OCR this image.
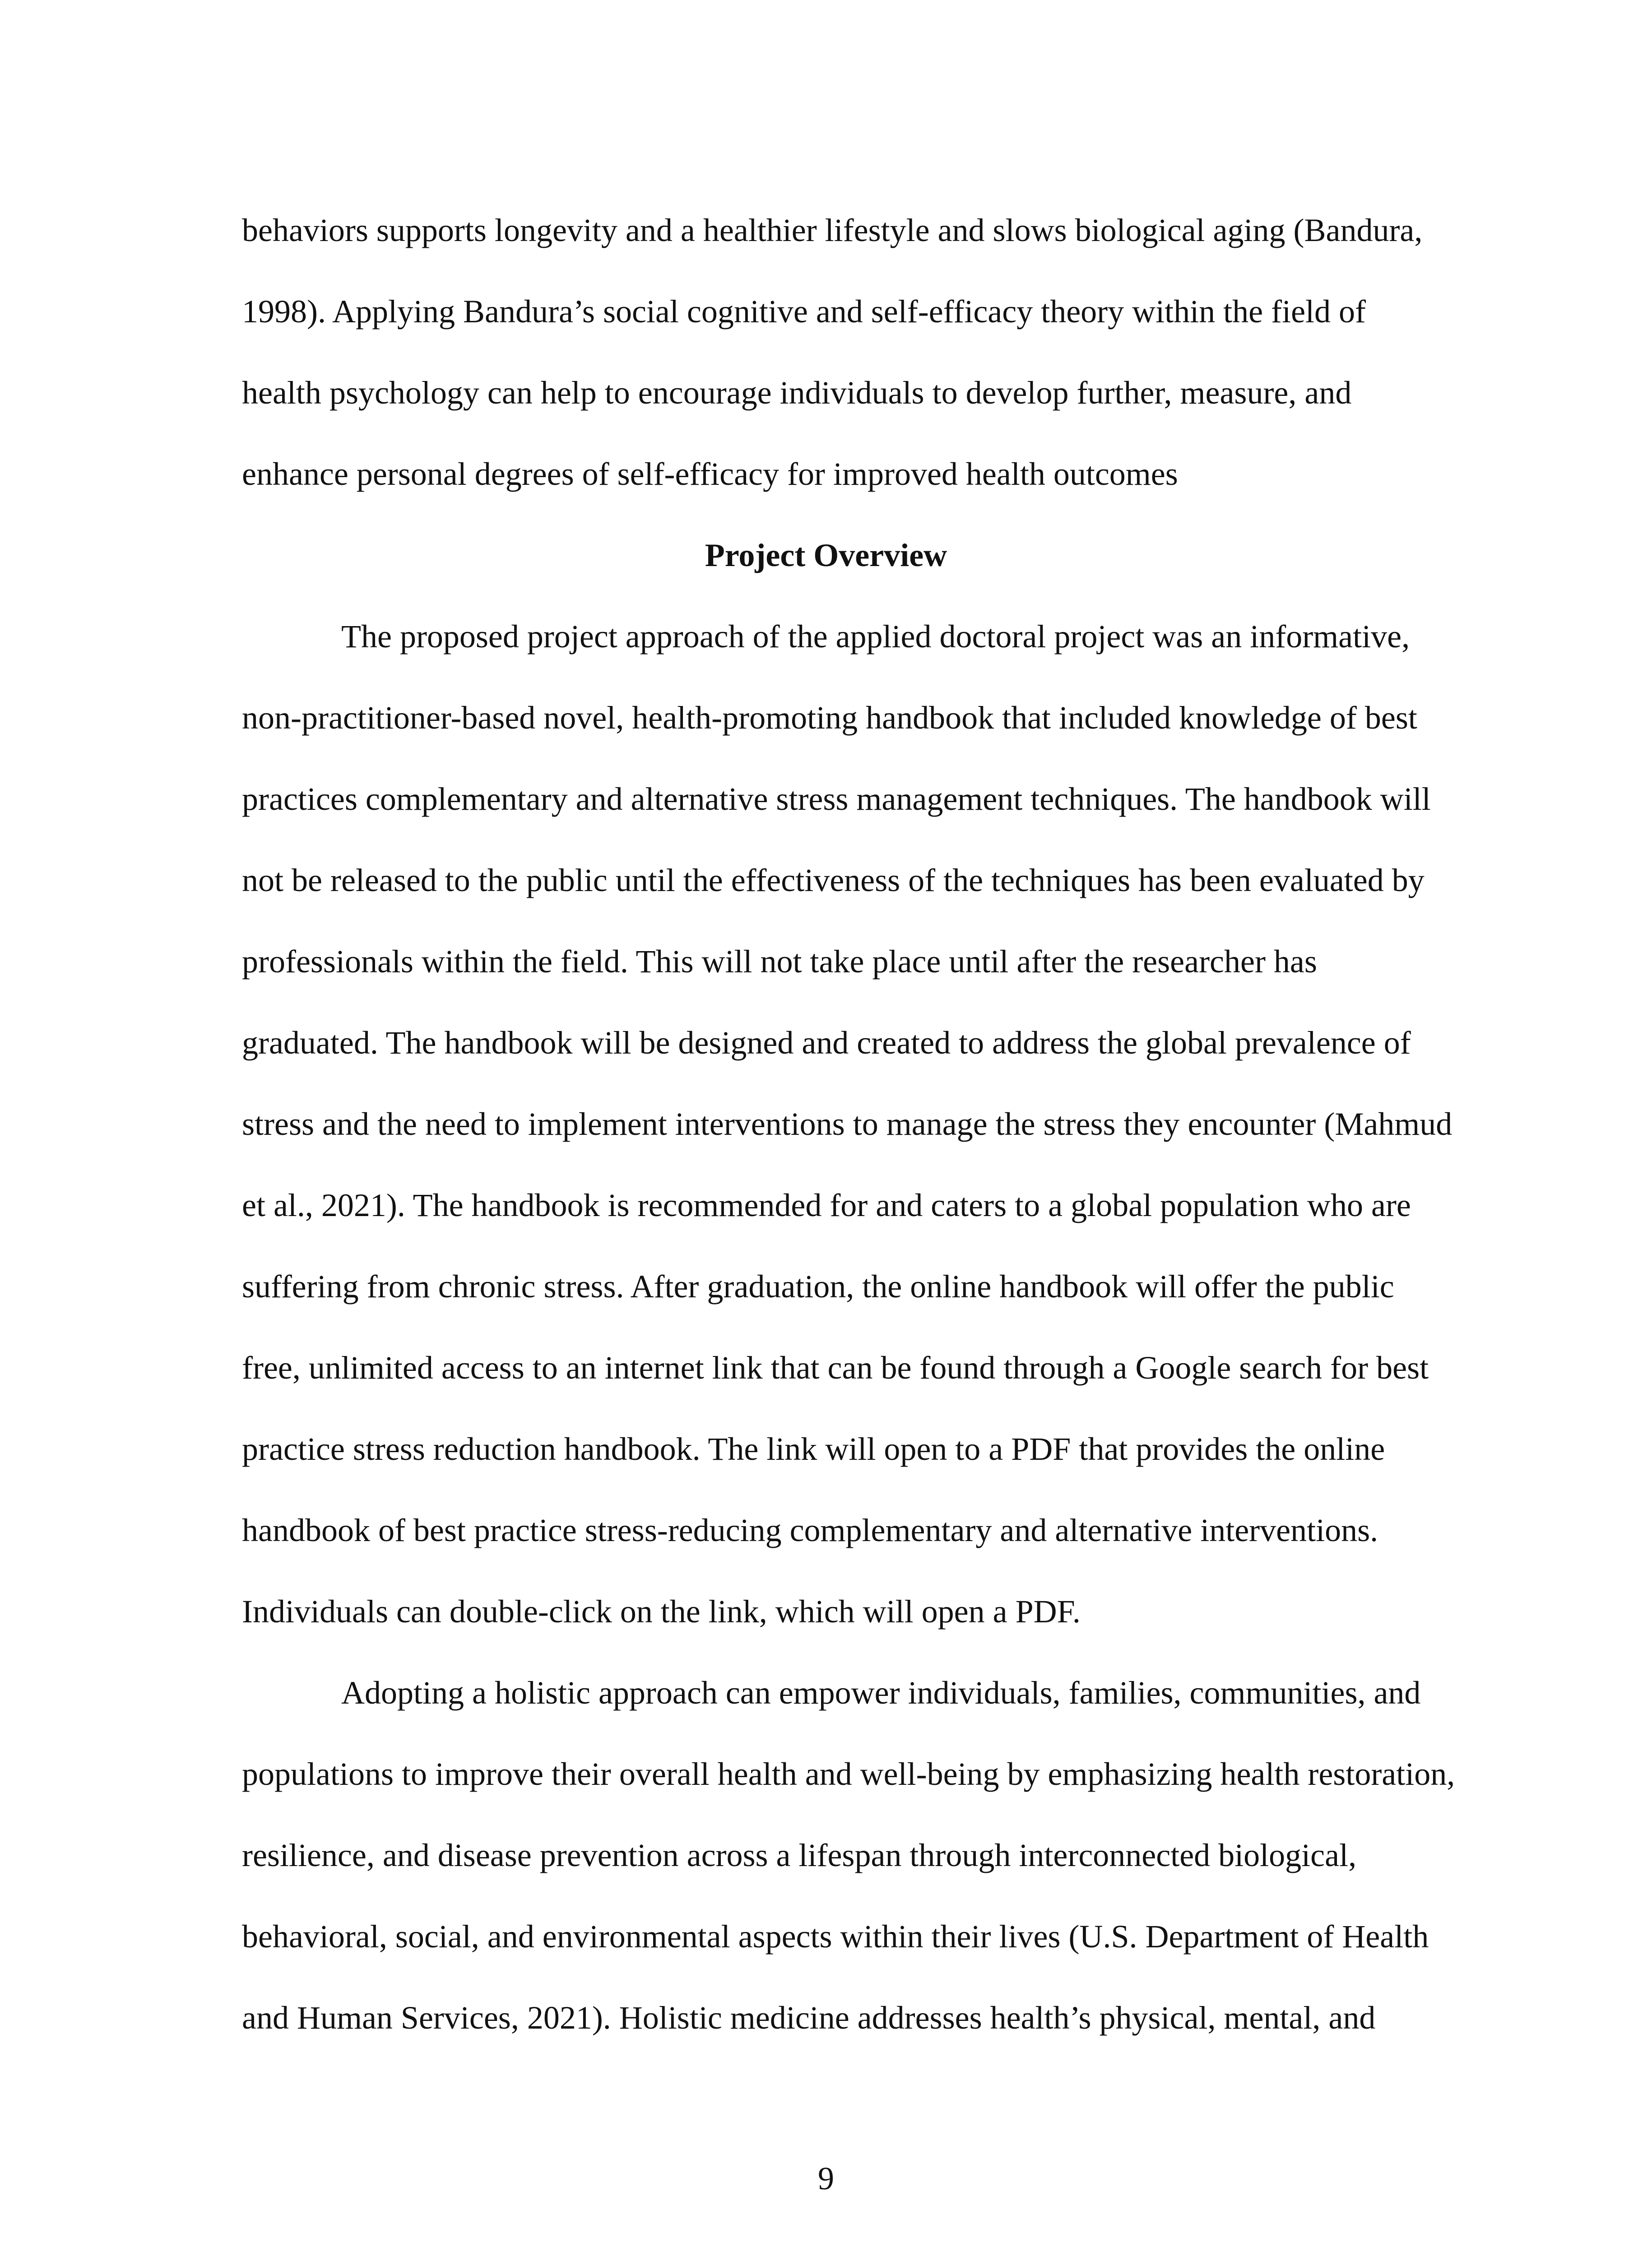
behaviors supports longevity and a healthier lifestyle and slows biological aging (Bandura,

1998). Applying Bandura’s social cognitive and self-efficacy theory within the field of

health psychology can help to encourage individuals to develop further, measure, and

enhance personal degrees of self-efficacy for improved health outcomes

Project Overview

The proposed project approach of the applied doctoral project was an informative,

non-practitioner-based novel, health-promoting handbook that included knowledge of best

practices complementary and alternative stress management techniques. The handbook will

not be released to the public until the effectiveness of the techniques has been evaluated by

professionals within the field. This will not take place until after the researcher has

graduated. The handbook will be designed and created to address the global prevalence of

stress and the need to implement interventions to manage the stress they encounter (Mahmud

et al., 2021). The handbook is recommended for and caters to a global population who are

suffering from chronic stress. After graduation, the online handbook will offer the public

free, unlimited access to an internet link that can be found through a Google search for best

practice stress reduction handbook. The link will open to a PDF that provides the online

handbook of best practice stress-reducing complementary and alternative interventions.

Individuals can double-click on the link, which will open a PDF.

Adopting a holistic approach can empower individuals, families, communities, and

populations to improve their overall health and well-being by emphasizing health restoration,

resilience, and disease prevention across a lifespan through interconnected biological,

behavioral, social, and environmental aspects within their lives (U.S. Department of Health

and Human Services, 2021). Holistic medicine addresses health’s physical, mental, and

9
